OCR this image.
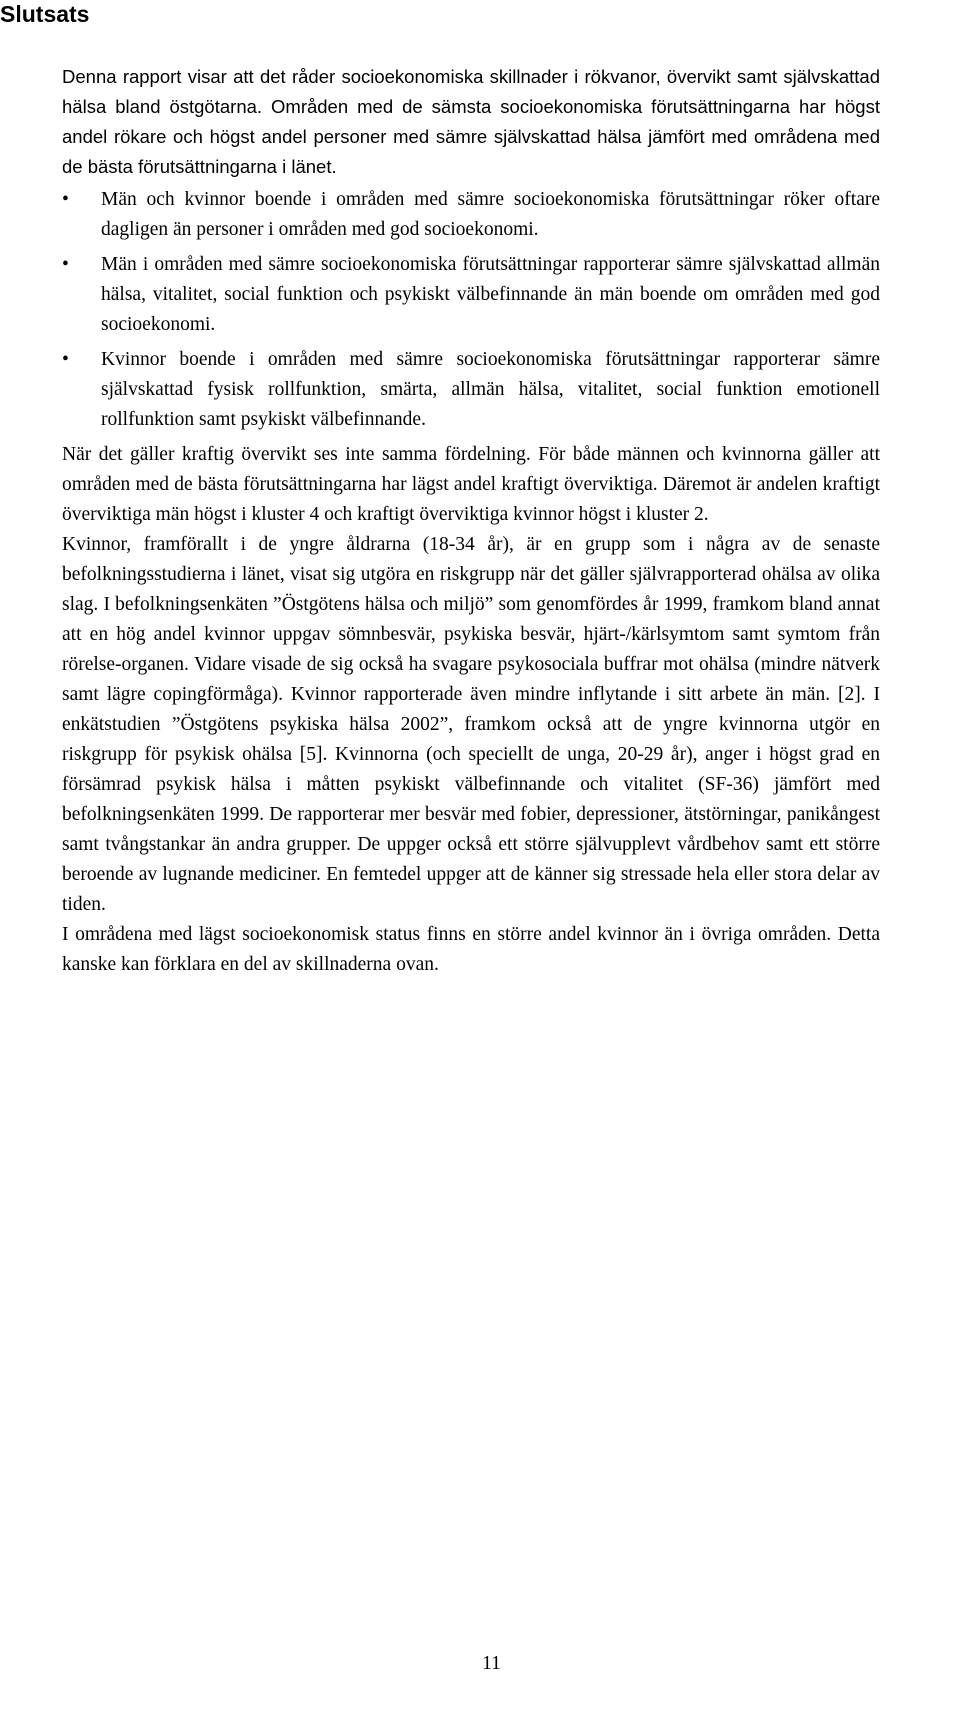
Slutsats

Denna rapport visar att det råder socioekonomiska skillnader i rökvanor, övervikt samt självskattad hälsa bland östgötarna. Områden med de sämsta socioekonomiska förutsättningarna har högst andel rökare och högst andel personer med sämre självskattad hälsa jämfört med områdena med de bästa förutsättningarna i länet.

• Män och kvinnor boende i områden med sämre socioekonomiska förutsättningar röker oftare dagligen än personer i områden med god socioekonomi.
• Män i områden med sämre socioekonomiska förutsättningar rapporterar sämre självskattad allmän hälsa, vitalitet, social funktion och psykiskt välbefinnande än män boende om områden med god socioekonomi.
• Kvinnor boende i områden med sämre socioekonomiska förutsättningar rapporterar sämre självskattad fysisk rollfunktion, smärta, allmän hälsa, vitalitet, social funktion emotionell rollfunktion samt psykiskt välbefinnande.

När det gäller kraftig övervikt ses inte samma fördelning. För både männen och kvinnorna gäller att områden med de bästa förutsättningarna har lägst andel kraftigt överviktiga. Däremot är andelen kraftigt överviktiga män högst i kluster 4 och kraftigt överviktiga kvinnor högst i kluster 2.

Kvinnor, framförallt i de yngre åldrarna (18-34 år), är en grupp som i några av de senaste befolkningsstudierna i länet, visat sig utgöra en riskgrupp när det gäller självrapporterad ohälsa av olika slag. I befolkningsenkäten ”Östgötens hälsa och miljö” som genomfördes år 1999, framkom bland annat att en hög andel kvinnor uppgav sömnbesvär, psykiska besvär, hjärt-/kärlsymtom samt symtom från rörelse-organen. Vidare visade de sig också ha svagare psykosociala buffrar mot ohälsa (mindre nätverk samt lägre copingförmåga). Kvinnor rapporterade även mindre inflytande i sitt arbete än män. [2]. I enkätstudien ”Östgötens psykiska hälsa 2002”, framkom också att de yngre kvinnorna utgör en riskgrupp för psykisk ohälsa [5]. Kvinnorna (och speciellt de unga, 20-29 år), anger i högst grad en försämrad psykisk hälsa i måtten psykiskt välbefinnande och vitalitet (SF-36) jämfört med befolkningsenkäten 1999. De rapporterar mer besvär med fobier, depressioner, ätstörningar, panikångest samt tvångstankar än andra grupper. De uppger också ett större självupplevt vårdbehov samt ett större beroende av lugnande mediciner. En femtedel uppger att de känner sig stressade hela eller stora delar av tiden.

I områdena med lägst socioekonomisk status finns en större andel kvinnor än i övriga områden. Detta kanske kan förklara en del av skillnaderna ovan.

11
